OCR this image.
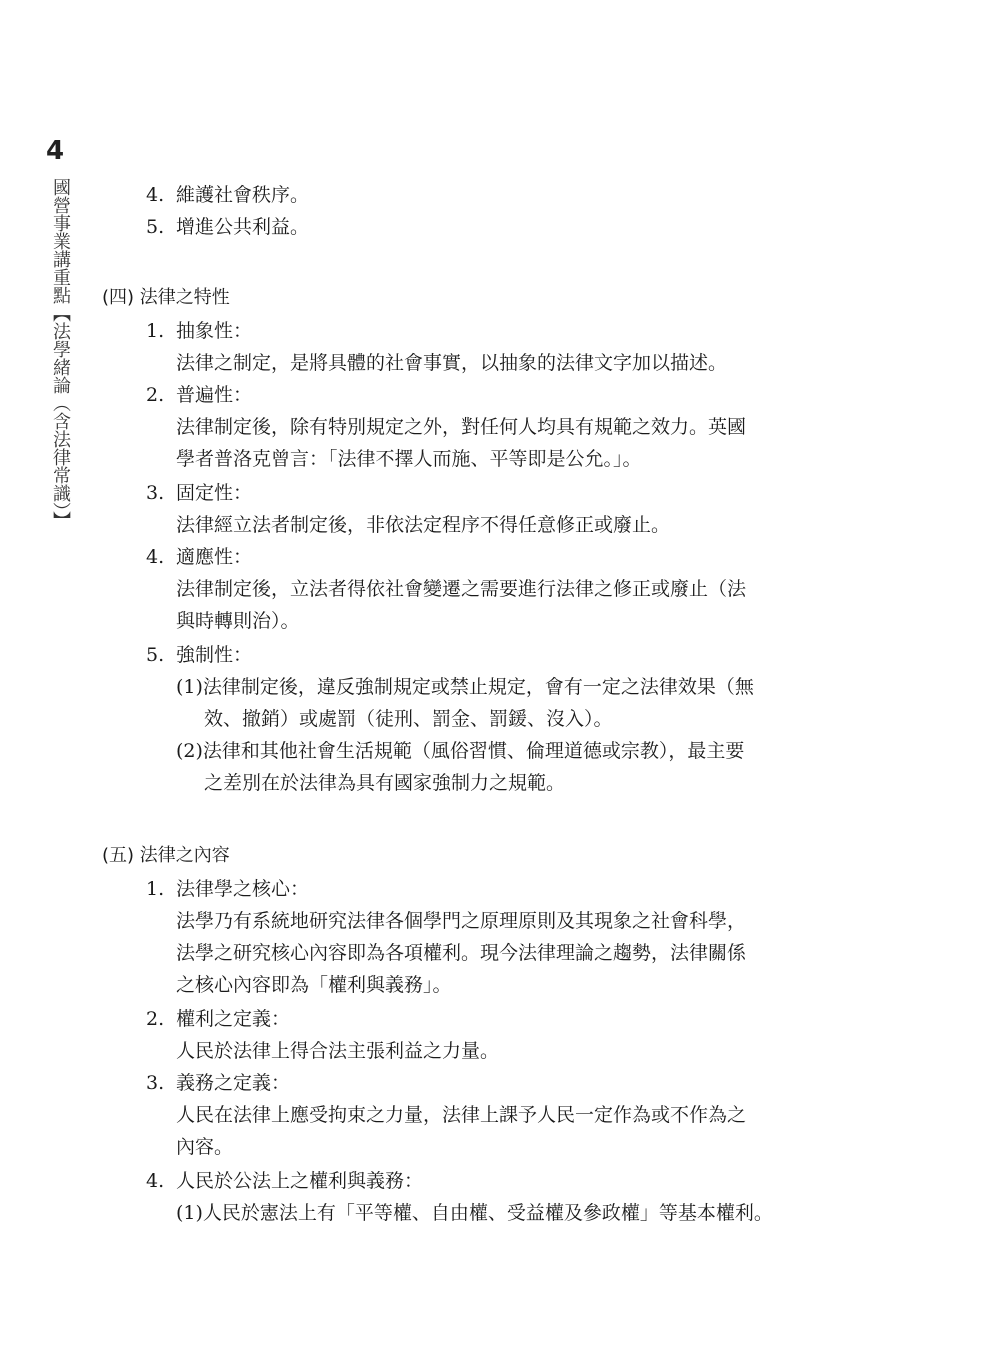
4
國營事業講重點【法學緒論（含法律常識）】	4. 維護社會秩序。
5. 增進公共利益。
(四) 法律之特性
1. 抽象性：
法律之制定，是將具體的社會事實，以抽象的法律文字加以描述。
2. 普遍性：
法律制定後，除有特別規定之外，對任何人均具有規範之效力。英國
學者普洛克曾言：「法律不擇人而施、平等即是公允。」。
3. 固定性：
法律經立法者制定後，非依法定程序不得任意修正或廢止。
4. 適應性：
法律制定後，立法者得依社會變遷之需要進行法律之修正或廢止（法
與時轉則治）。
5. 強制性：
(1)法律制定後，違反強制規定或禁止規定，會有一定之法律效果（無
效、撤銷）或處罰（徒刑、罰金、罰鍰、沒入）。
(2)法律和其他社會生活規範（風俗習慣、倫理道德或宗教），最主要
之差別在於法律為具有國家強制力之規範。
(五) 法律之內容
1. 法律學之核心：
法學乃有系統地研究法律各個學門之原理原則及其現象之社會科學，
法學之研究核心內容即為各項權利。現今法律理論之趨勢，法律關係
之核心內容即為「權利與義務」。
2. 權利之定義：
人民於法律上得合法主張利益之力量。
3. 義務之定義：
人民在法律上應受拘束之力量，法律上課予人民一定作為或不作為之
內容。
4. 人民於公法上之權利與義務：
(1)人民於憲法上有「平等權、自由權、受益權及參政權」等基本權利。
